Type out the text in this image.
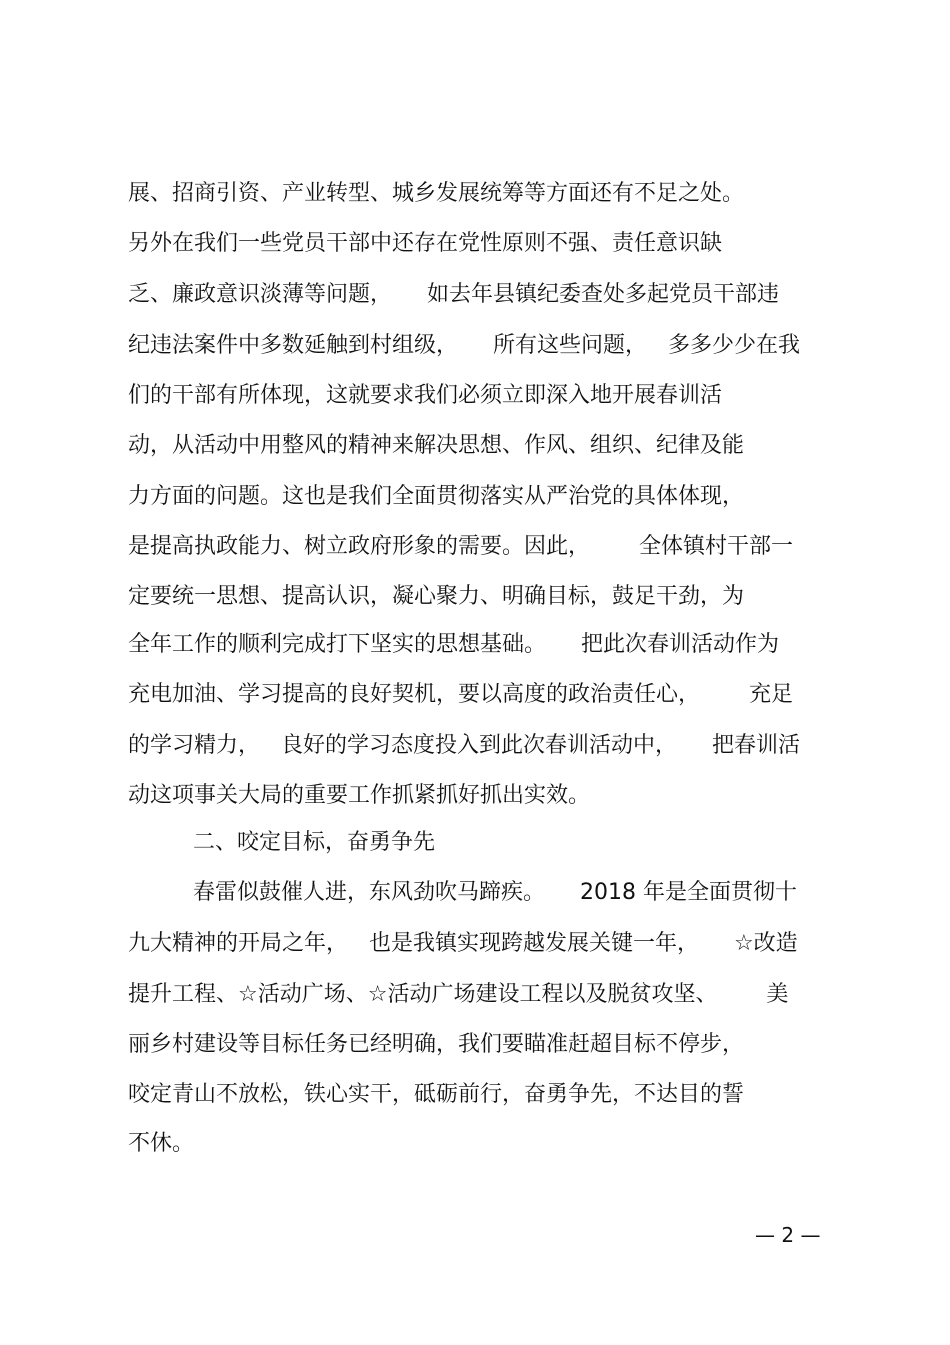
展、招商引资、产业转型、城乡发展统筹等方面还有不足之处。
另外在我们一些党员干部中还存在党性原则不强、责任意识缺
乏、廉政意识淡薄等问题，     如去年县镇纪委查处多起党员干部违
纪违法案件中多数延触到村组级，     所有这些问题，   多多少少在我
们的干部有所体现，这就要求我们必须立即深入地开展春训活
动，从活动中用整风的精神来解决思想、作风、组织、纪律及能
力方面的问题。这也是我们全面贯彻落实从严治党的具体体现，
是提高执政能力、树立政府形象的需要。因此，       全体镇村干部一
定要统一思想、提高认识，凝心聚力、明确目标，鼓足干劲，为
全年工作的顺利完成打下坚实的思想基础。     把此次春训活动作为
充电加油、学习提高的良好契机，要以高度的政治责任心，       充足
的学习精力，   良好的学习态度投入到此次春训活动中，     把春训活
动这项事关大局的重要工作抓紧抓好抓出实效。
二、咬定目标，奋勇争先
春雷似鼓催人进，东风劲吹马蹄疾。     2018 年是全面贯彻十
九大精神的开局之年，   也是我镇实现跨越发展关键一年，     ☆改造
提升工程、☆活动广场、☆活动广场建设工程以及脱贫攻坚、       美
丽乡村建设等目标任务已经明确，我们要瞄准赶超目标不停步，
咬定青山不放松，铁心实干，砥砺前行，奋勇争先，不达目的誓
不休。
— 2 —
